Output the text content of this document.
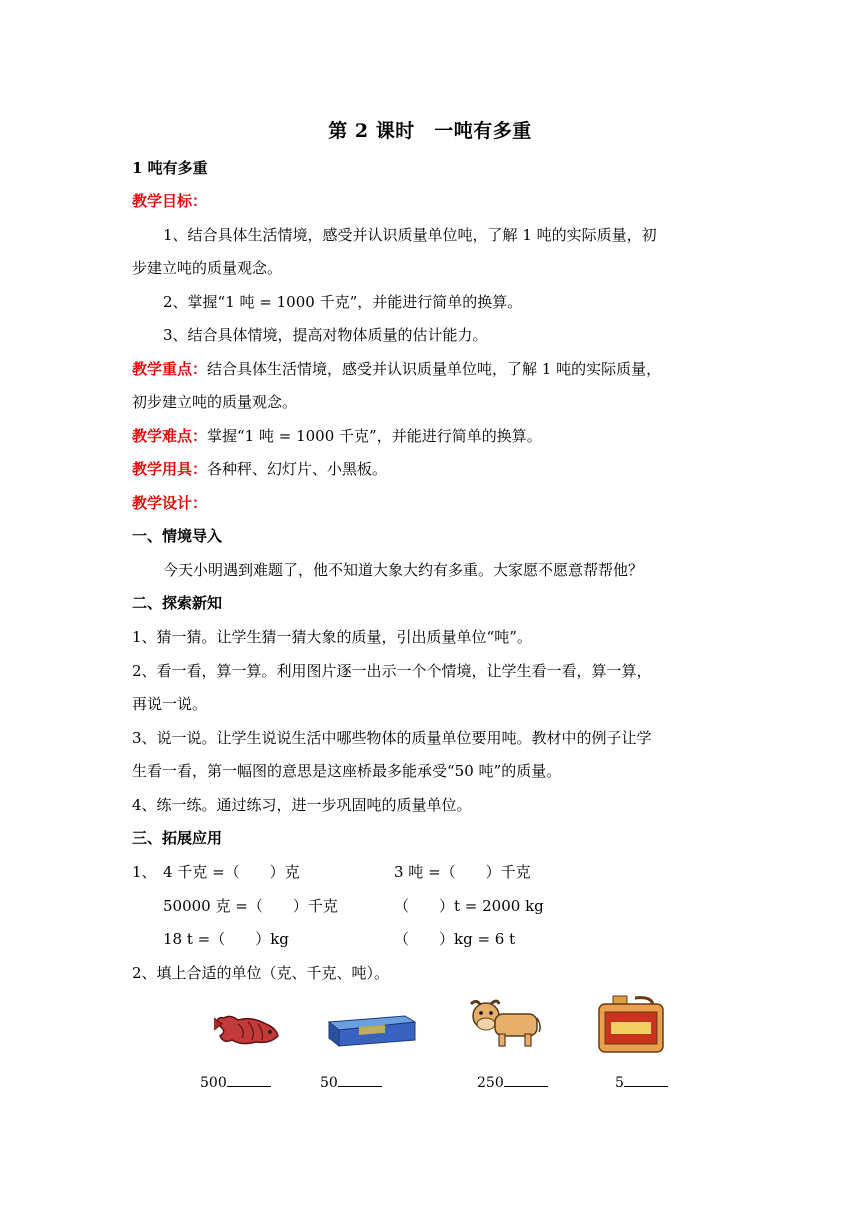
第 2 课时　一吨有多重
1 吨有多重
教学目标：
1、结合具体生活情境，感受并认识质量单位吨，了解 1 吨的实际质量，初
步建立吨的质量观念。
2、掌握“1 吨 = 1000 千克”，并能进行简单的换算。
3、结合具体情境，提高对物体质量的估计能力。
教学重点：结合具体生活情境，感受并认识质量单位吨，了解 1 吨的实际质量，
初步建立吨的质量观念。
教学难点：掌握“1 吨 = 1000 千克”，并能进行简单的换算。
教学用具：各种秤、幻灯片、小黑板。
教学设计：
一、情境导入
今天小明遇到难题了，他不知道大象大约有多重。大家愿不愿意帮帮他？
二、探索新知
1、猜一猜。让学生猜一猜大象的质量，引出质量单位“吨”。
2、看一看，算一算。利用图片逐一出示一个个情境，让学生看一看，算一算，
再说一说。
3、说一说。让学生说说生活中哪些物体的质量单位要用吨。教材中的例子让学
生看一看，第一幅图的意思是这座桥最多能承受“50 吨”的质量。
4、练一练。通过练习，进一步巩固吨的质量单位。
三、拓展应用
1、 4 千克 =（　　）克	3 吨 =（　　）千克
50000 克 =（　　）千克	（　　）t = 2000 kg
18 t =（　　）kg	（　　）kg = 6 t
2、填上合适的单位（克、千克、吨）。
500	50	250	5
